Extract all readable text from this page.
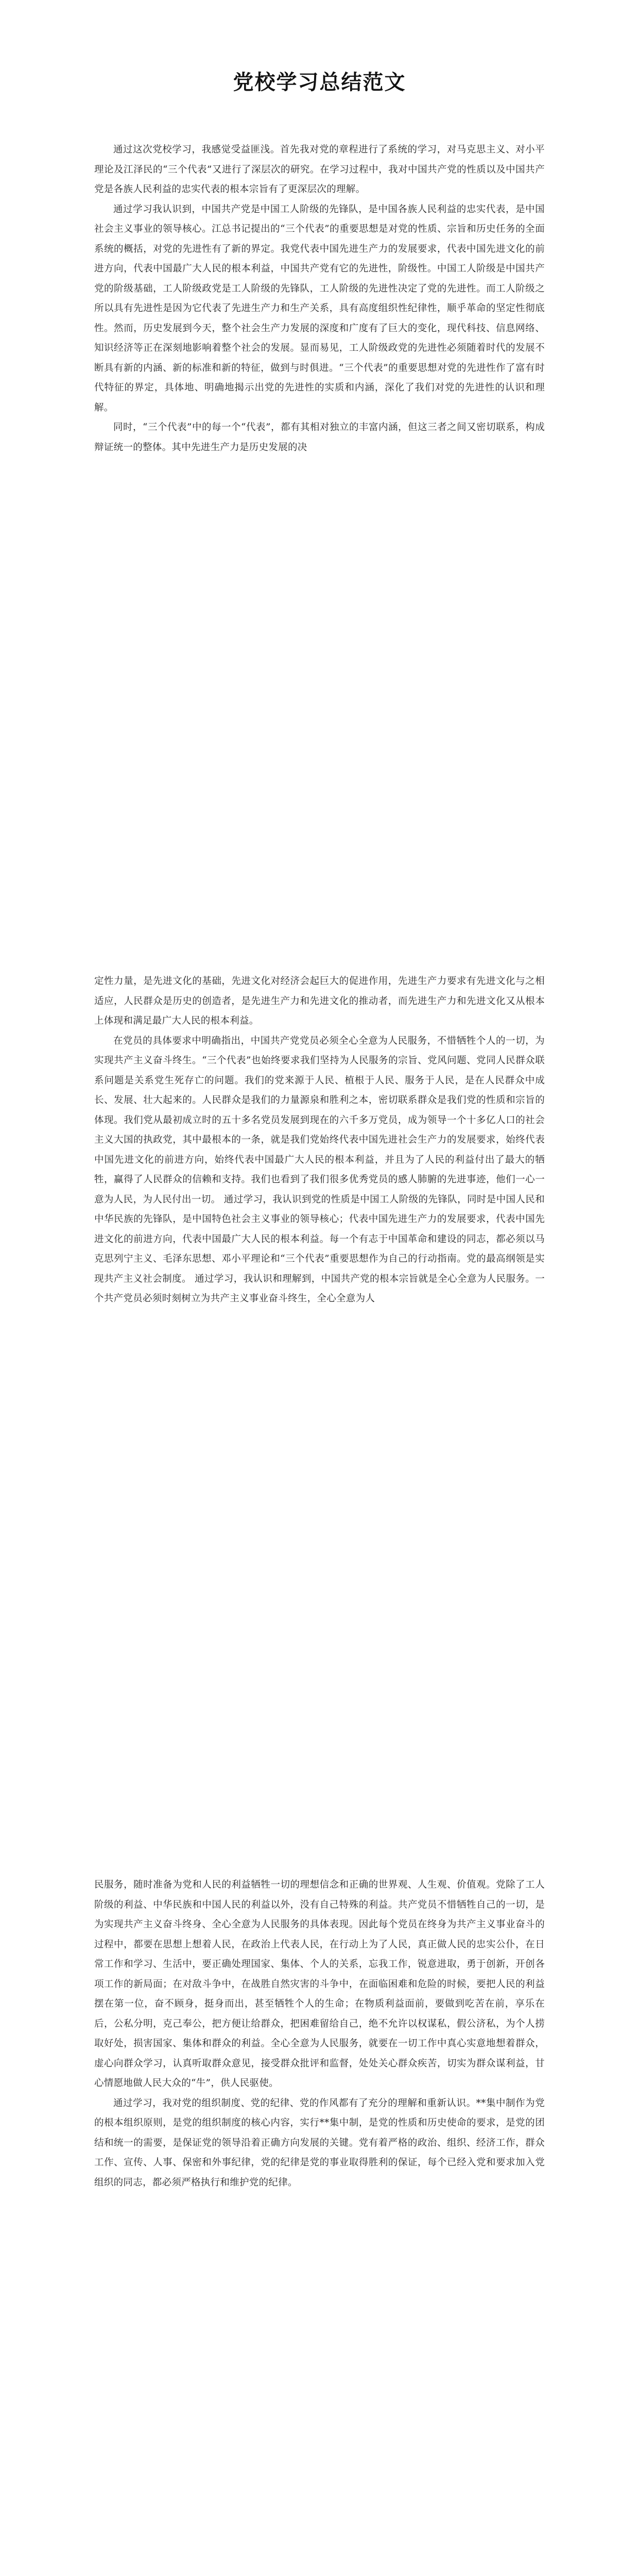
党校学习总结范文

通过这次党校学习，我感觉受益匪浅。首先我对党的章程进行了系统的学习，对马克思主义、对小平理论及江泽民的“三个代表”又进行了深层次的研究。在学习过程中，我对中国共产党的性质以及中国共产党是各族人民利益的忠实代表的根本宗旨有了更深层次的理解。

通过学习我认识到，中国共产党是中国工人阶级的先锋队，是中国各族人民利益的忠实代表，是中国社会主义事业的领导核心。江总书记提出的“三个代表”的重要思想是对党的性质、宗旨和历史任务的全面系统的概括，对党的先进性有了新的界定。我党代表中国先进生产力的发展要求，代表中国先进文化的前进方向，代表中国最广大人民的根本利益，中国共产党有它的先进性，阶级性。中国工人阶级是中国共产党的阶级基础，工人阶级政党是工人阶级的先锋队，工人阶级的先进性决定了党的先进性。而工人阶级之所以具有先进性是因为它代表了先进生产力和生产关系，具有高度组织性纪律性，顺乎革命的坚定性彻底性。然而，历史发展到今天，整个社会生产力发展的深度和广度有了巨大的变化，现代科技、信息网络、知识经济等正在深刻地影响着整个社会的发展。显而易见，工人阶级政党的先进性必须随着时代的发展不断具有新的内涵、新的标准和新的特征，做到与时俱进。“三个代表”的重要思想对党的先进性作了富有时代特征的界定，具体地、明确地揭示出党的先进性的实质和内涵，深化了我们对党的先进性的认识和理解。

同时，“三个代表”中的每一个“代表”，都有其相对独立的丰富内涵，但这三者之间又密切联系，构成辩证统一的整体。其中先进生产力是历史发展的决

定性力量，是先进文化的基础，先进文化对经济会起巨大的促进作用，先进生产力要求有先进文化与之相适应，人民群众是历史的创造者，是先进生产力和先进文化的推动者，而先进生产力和先进文化又从根本上体现和满足最广大人民的根本利益。

在党员的具体要求中明确指出，中国共产党党员必须全心全意为人民服务，不惜牺牲个人的一切，为实现共产主义奋斗终生。“三个代表”也始终要求我们坚持为人民服务的宗旨、党风问题、党同人民群众联系问题是关系党生死存亡的问题。我们的党来源于人民、植根于人民、服务于人民，是在人民群众中成长、发展、壮大起来的。人民群众是我们的力量源泉和胜利之本，密切联系群众是我们党的性质和宗旨的体现。我们党从最初成立时的五十多名党员发展到现在的六千多万党员，成为领导一个十多亿人口的社会主义大国的执政党，其中最根本的一条，就是我们党始终代表中国先进社会生产力的发展要求，始终代表中国先进文化的前进方向，始终代表中国最广大人民的根本利益，并且为了人民的利益付出了最大的牺牲，赢得了人民群众的信赖和支持。我们也看到了我们很多优秀党员的感人肺腑的先进事迹，他们一心一意为人民，为人民付出一切。 通过学习，我认识到党的性质是中国工人阶级的先锋队，同时是中国人民和中华民族的先锋队，是中国特色社会主义事业的领导核心；代表中国先进生产力的发展要求，代表中国先进文化的前进方向，代表中国最广大人民的根本利益。每一个有志于中国革命和建设的同志，都必须以马克思列宁主义、毛泽东思想、邓小平理论和“三个代表”重要思想作为自己的行动指南。党的最高纲领是实现共产主义社会制度。 通过学习，我认识和理解到，中国共产党的根本宗旨就是全心全意为人民服务。一个共产党员必须时刻树立为共产主义事业奋斗终生，全心全意为人

民服务，随时准备为党和人民的利益牺牲一切的理想信念和正确的世界观、人生观、价值观。党除了工人阶级的利益、中华民族和中国人民的利益以外，没有自己特殊的利益。共产党员不惜牺牲自己的一切，是为实现共产主义奋斗终身、全心全意为人民服务的具体表现。因此每个党员在终身为共产主义事业奋斗的过程中，都要在思想上想着人民，在政治上代表人民，在行动上为了人民，真正做人民的忠实公仆，在日常工作和学习、生活中，要正确处理国家、集体、个人的关系，忘我工作，锐意进取，勇于创新，开创各项工作的新局面；在对敌斗争中，在战胜自然灾害的斗争中，在面临困难和危险的时候，要把人民的利益摆在第一位，奋不顾身，挺身而出，甚至牺牲个人的生命；在物质利益面前，要做到吃苦在前，享乐在后，公私分明，克己奉公，把方便让给群众，把困难留给自己，绝不允许以权谋私，假公济私，为个人捞取好处，损害国家、集体和群众的利益。全心全意为人民服务，就要在一切工作中真心实意地想着群众，虚心向群众学习，认真听取群众意见，接受群众批评和监督，处处关心群众疾苦，切实为群众谋利益，甘心情愿地做人民大众的“牛”，供人民驱使。

通过学习，我对党的组织制度、党的纪律、党的作风都有了充分的理解和重新认识。**集中制作为党的根本组织原则，是党的组织制度的核心内容，实行**集中制，是党的性质和历史使命的要求，是党的团结和统一的需要，是保证党的领导沿着正确方向发展的关键。党有着严格的政治、组织、经济工作，群众工作、宣传、人事、保密和外事纪律，党的纪律是党的事业取得胜利的保证，每个已经入党和要求加入党组织的同志，都必须严格执行和维护党的纪律。
